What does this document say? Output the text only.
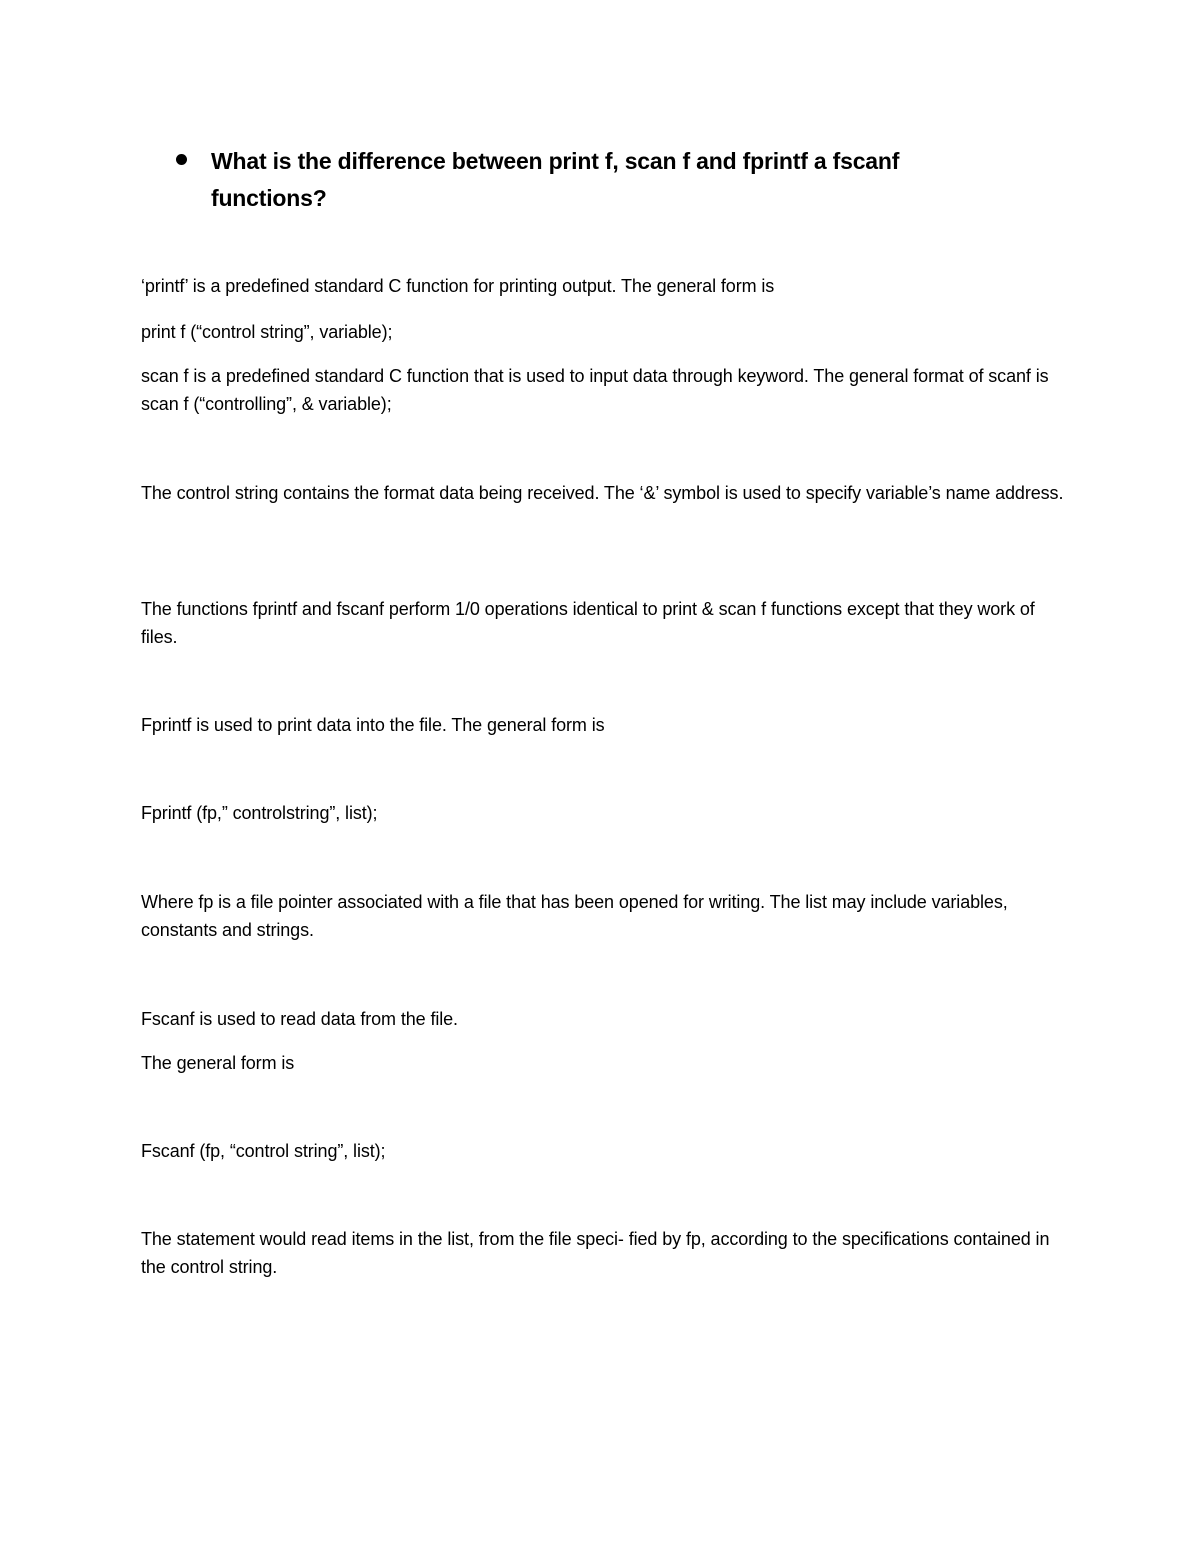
What is the difference between print f, scan f and fprintf a fscanf functions?
‘printf’ is a predefined standard C function for printing output. The general form is
print f (“control string”, variable);
scan f is a predefined standard C function that is used to input data through keyword. The general format of scanf is scan f (“controlling”, & variable);
The control string contains the format data being received. The ‘&’ symbol is used to specify variable’s name address.
The functions fprintf and fscanf perform 1/0 operations identical to print & scan f functions except that they work of files.
Fprintf is used to print data into the file. The general form is
Fprintf (fp,” controlstring”, list);
Where fp is a file pointer associated with a file that has been opened for writing. The list may include variables, constants and strings.
Fscanf is used to read data from the file.
The general form is
Fscanf (fp, “control string”, list);
The statement would read items in the list, from the file speci- fied by fp, according to the specifications contained in the control string.
